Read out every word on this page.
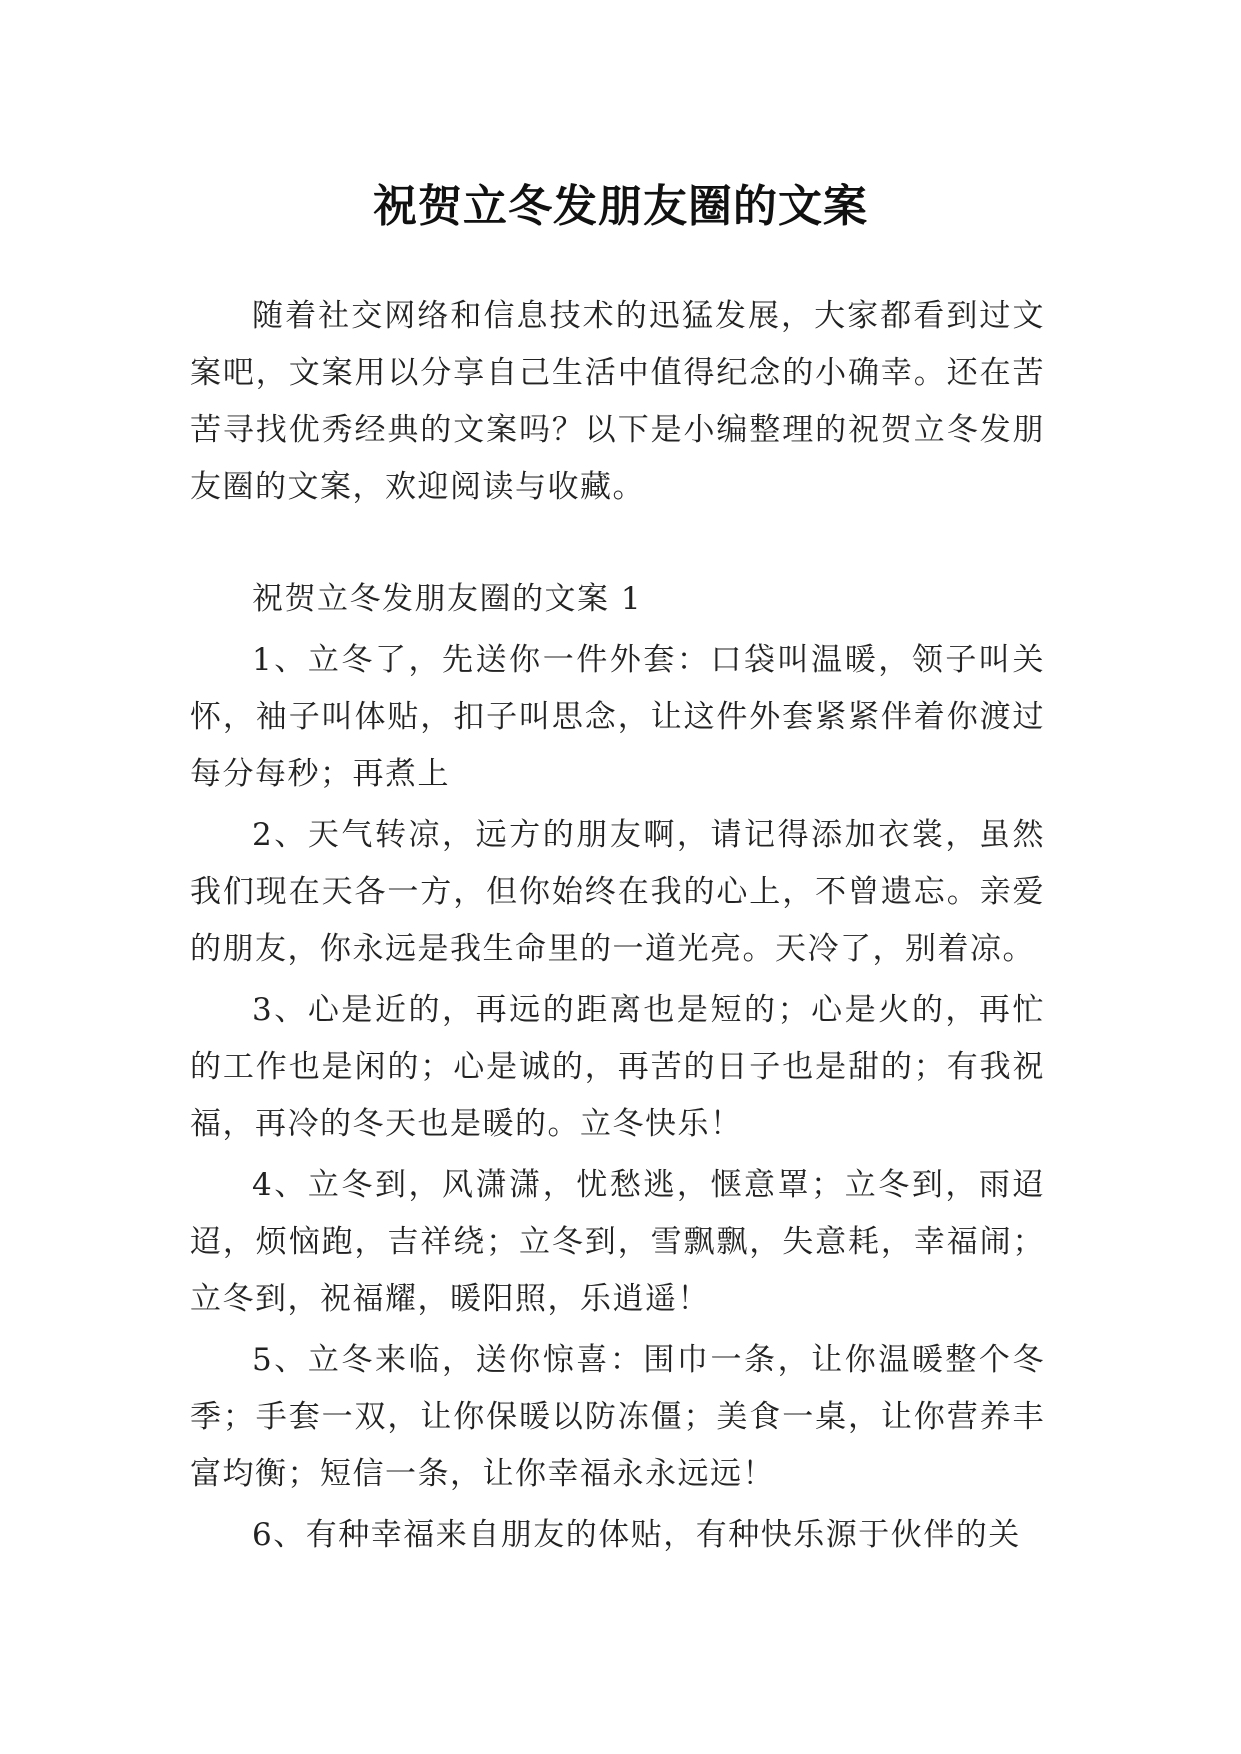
祝贺立冬发朋友圈的文案

随着社交网络和信息技术的迅猛发展，大家都看到过文案吧，文案用以分享自己生活中值得纪念的小确幸。还在苦苦寻找优秀经典的文案吗？以下是小编整理的祝贺立冬发朋友圈的文案，欢迎阅读与收藏。

祝贺立冬发朋友圈的文案 1

1、立冬了，先送你一件外套：口袋叫温暖，领子叫关怀，袖子叫体贴，扣子叫思念，让这件外套紧紧伴着你渡过每分每秒；再煮上

2、天气转凉，远方的朋友啊，请记得添加衣裳，虽然我们现在天各一方，但你始终在我的心上，不曾遗忘。亲爱的朋友，你永远是我生命里的一道光亮。天冷了，别着凉。

3、心是近的，再远的距离也是短的；心是火的，再忙的工作也是闲的；心是诚的，再苦的日子也是甜的；有我祝福，再冷的冬天也是暖的。立冬快乐！

4、立冬到，风潇潇，忧愁逃，惬意罩；立冬到，雨迢迢，烦恼跑，吉祥绕；立冬到，雪飘飘，失意耗，幸福闹；立冬到，祝福耀，暖阳照，乐逍遥！

5、立冬来临，送你惊喜：围巾一条，让你温暖整个冬季；手套一双，让你保暖以防冻僵；美食一桌，让你营养丰富均衡；短信一条，让你幸福永永远远！

6、有种幸福来自朋友的体贴，有种快乐源于伙伴的关
